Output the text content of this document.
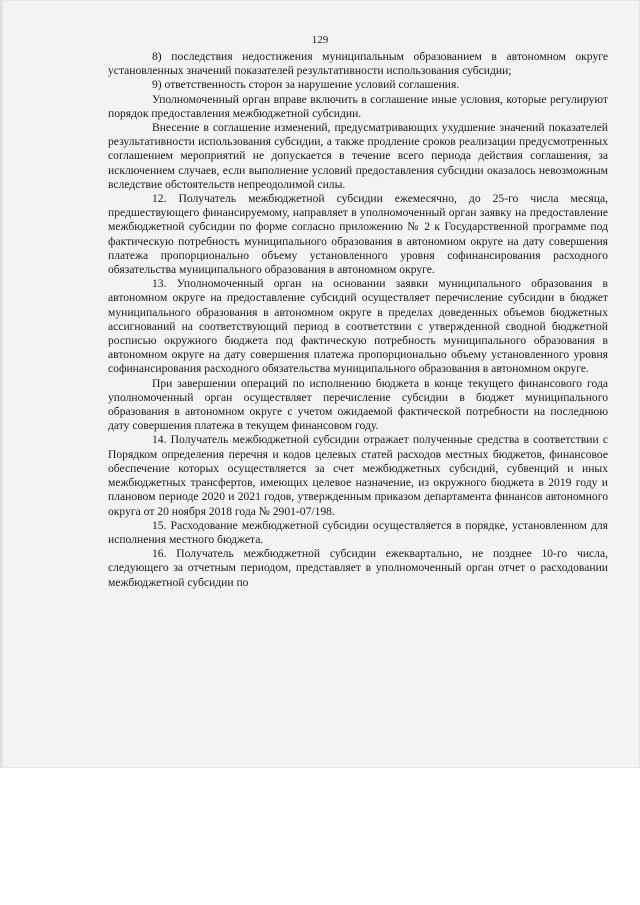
129

8) последствия недостижения муниципальным образованием в автономном округе установленных значений показателей результативности использования субсидии;

9) ответственность сторон за нарушение условий соглашения.

Уполномоченный орган вправе включить в соглашение иные условия, которые регулируют порядок предоставления межбюджетной субсидии.

Внесение в соглашение изменений, предусматривающих ухудшение значений показателей результативности использования субсидии, а также продление сроков реализации предусмотренных соглашением мероприятий не допускается в течение всего периода действия соглашения, за исключением случаев, если выполнение условий предоставления субсидии оказалось невозможным вследствие обстоятельств непреодолимой силы.

12. Получатель межбюджетной субсидии ежемесячно, до 25-го числа месяца, предшествующего финансируемому, направляет в уполномоченный орган заявку на предоставление межбюджетной субсидии по форме согласно приложению № 2 к Государственной программе под фактическую потребность муниципального образования в автономном округе на дату совершения платежа пропорционально объему установленного уровня софинансирования расходного обязательства муниципального образования в автономном округе.

13. Уполномоченный орган на основании заявки муниципального образования в автономном округе на предоставление субсидий осуществляет перечисление субсидии в бюджет муниципального образования в автономном округе в пределах доведенных объемов бюджетных ассигнований на соответствующий период в соответствии с утвержденной сводной бюджетной росписью окружного бюджета под фактическую потребность муниципального образования в автономном округе на дату совершения платежа пропорционально объему установленного уровня софинансирования расходного обязательства муниципального образования в автономном округе.

При завершении операций по исполнению бюджета в конце текущего финансового года уполномоченный орган осуществляет перечисление субсидии в бюджет муниципального образования в автономном округе с учетом ожидаемой фактической потребности на последнюю дату совершения платежа в текущем финансовом году.

14. Получатель межбюджетной субсидии отражает полученные средства в соответствии с Порядком определения перечня и кодов целевых статей расходов местных бюджетов, финансовое обеспечение которых осуществляется за счет межбюджетных субсидий, субвенций и иных межбюджетных трансфертов, имеющих целевое назначение, из окружного бюджета в 2019 году и плановом периоде 2020 и 2021 годов, утвержденным приказом департамента финансов автономного округа от 20 ноября 2018 года № 2901-07/198.

15. Расходование межбюджетной субсидии осуществляется в порядке, установленном для исполнения местного бюджета.

16. Получатель межбюджетной субсидии ежеквартально, не позднее 10-го числа, следующего за отчетным периодом, представляет в уполномоченный орган отчет о расходовании межбюджетной субсидии по
